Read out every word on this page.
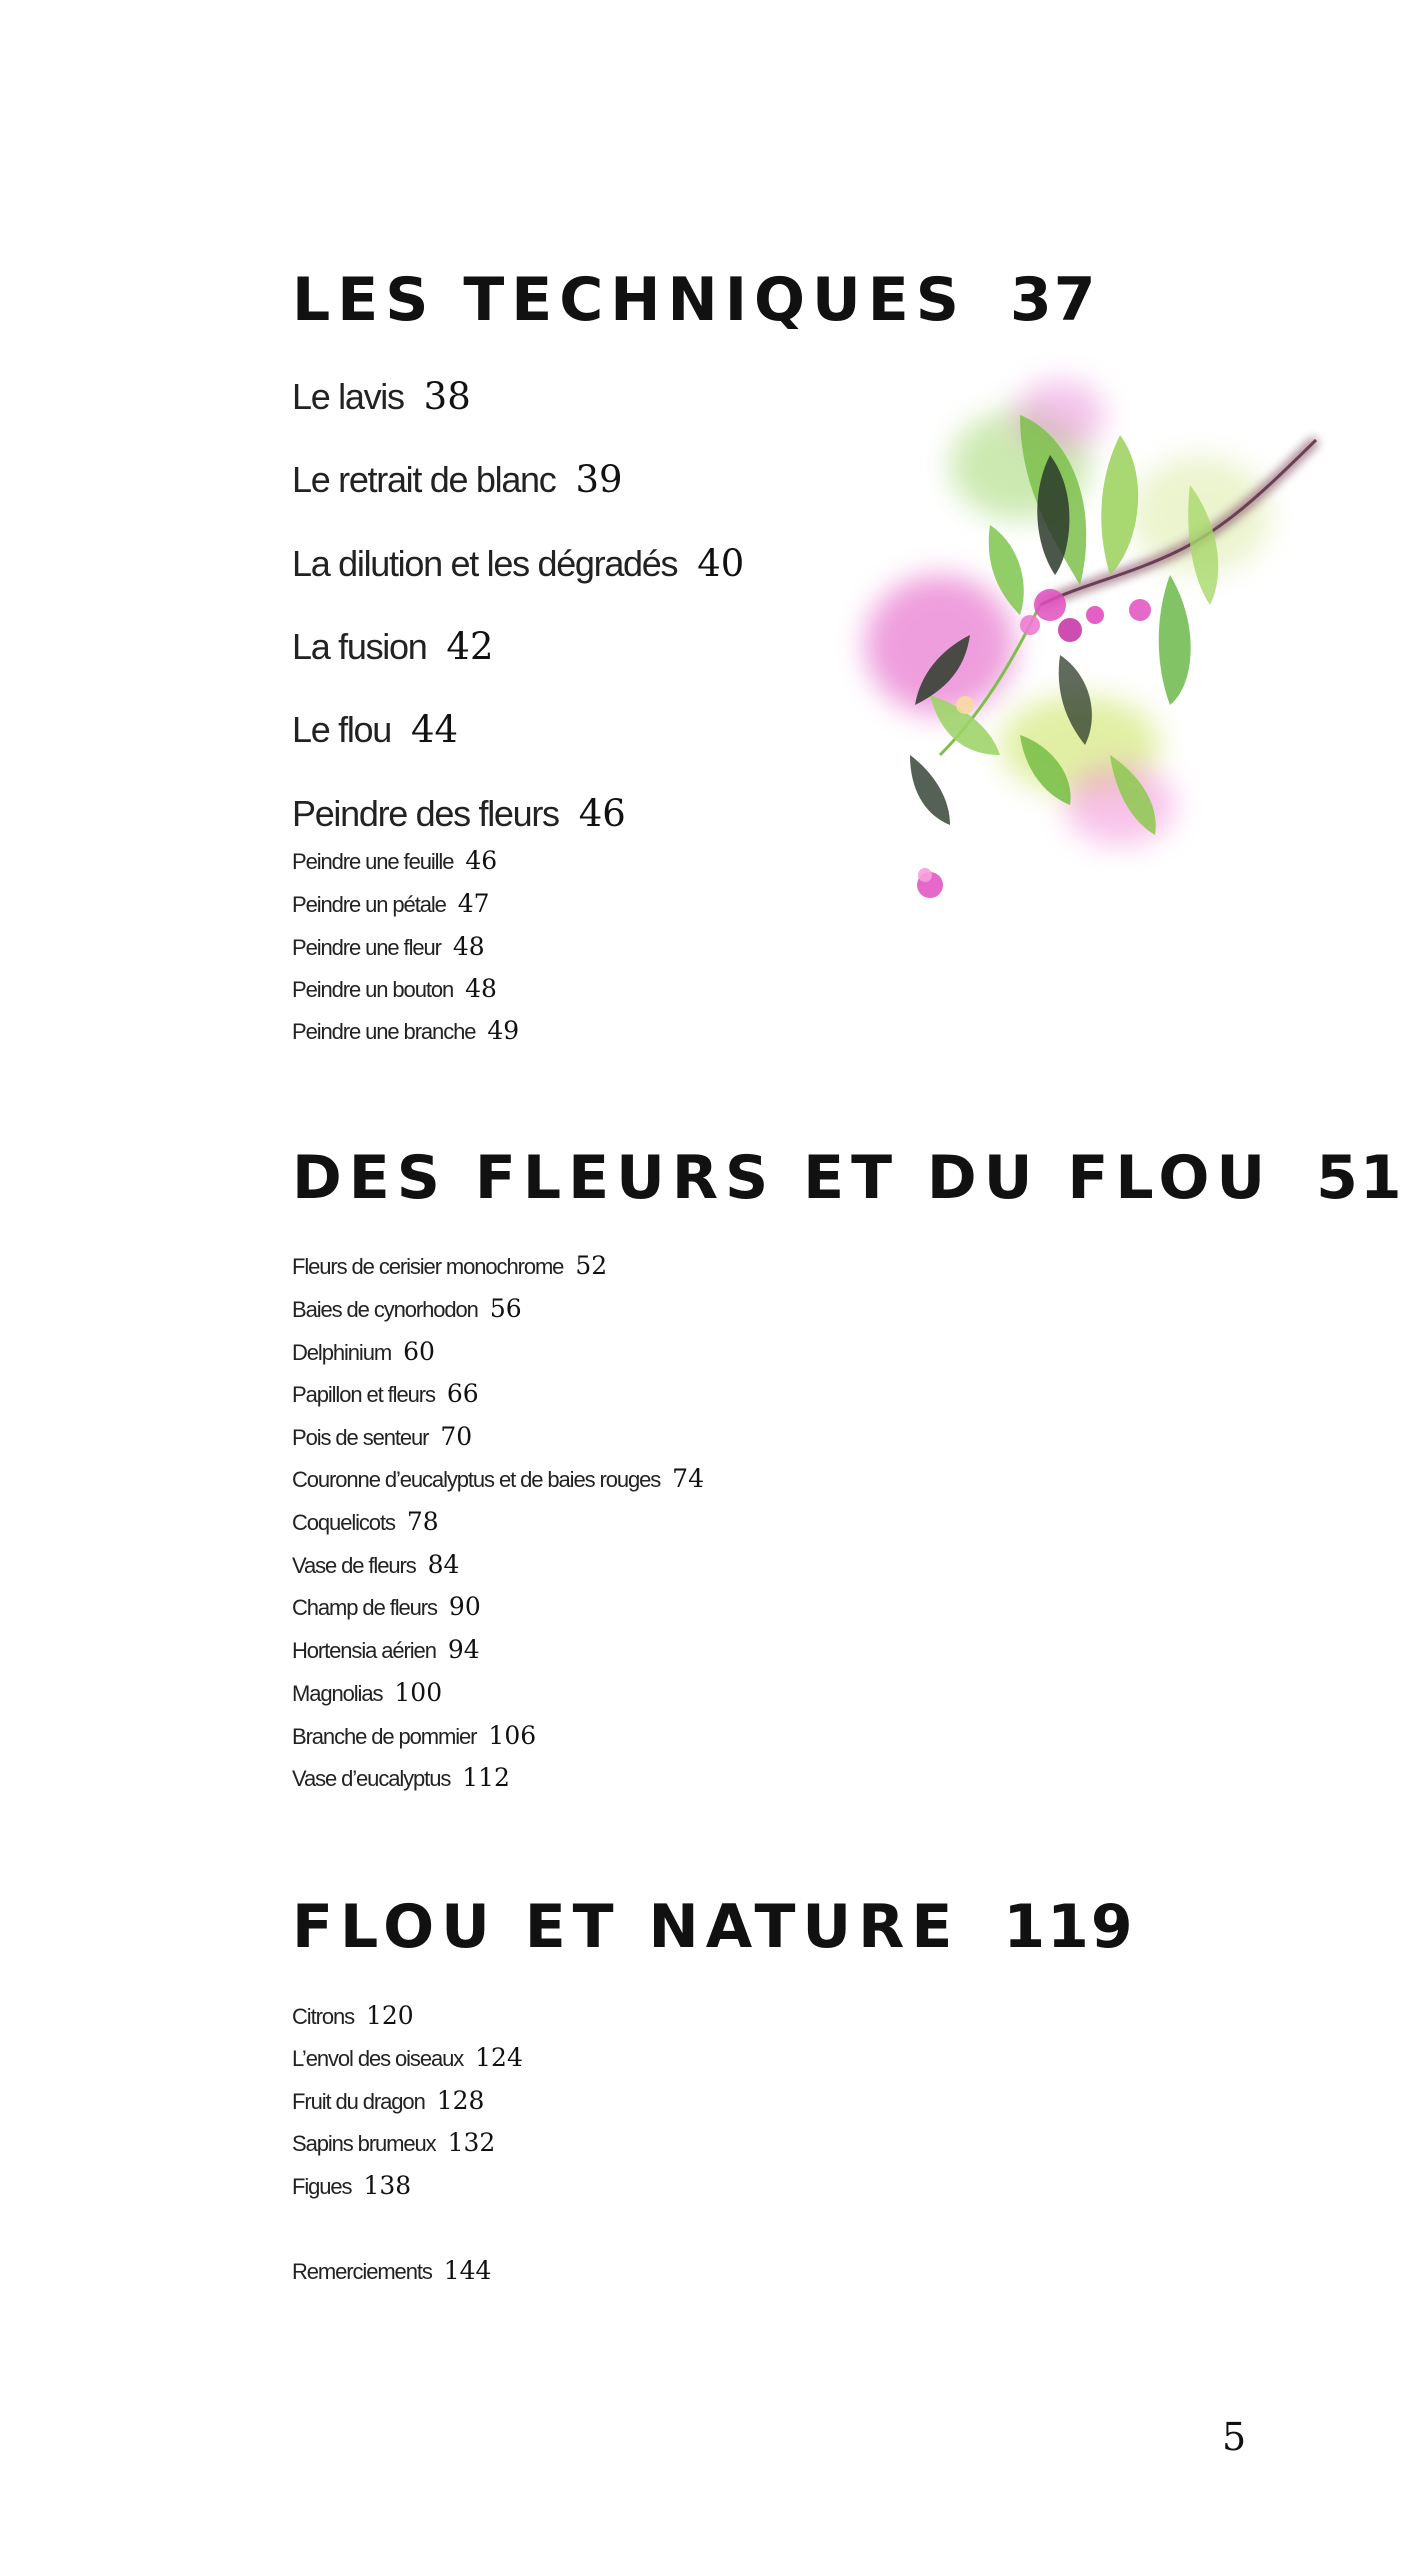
LES TECHNIQUES 37
Le lavis 38
Le retrait de blanc 39
La dilution et les dégradés 40
La fusion 42
Le flou 44
Peindre des fleurs 46
Peindre une feuille 46
Peindre un pétale 47
Peindre une fleur 48
Peindre un bouton 48
Peindre une branche 49
DES FLEURS ET DU FLOU 51
Fleurs de cerisier monochrome 52
Baies de cynorhodon 56
Delphinium 60
Papillon et fleurs 66
Pois de senteur 70
Couronne d’eucalyptus et de baies rouges 74
Coquelicots 78
Vase de fleurs 84
Champ de fleurs 90
Hortensia aérien 94
Magnolias 100
Branche de pommier 106
Vase d’eucalyptus 112
FLOU ET NATURE 119
Citrons 120
L’envol des oiseaux 124
Fruit du dragon 128
Sapins brumeux 132
Figues 138
Remerciements 144
5
